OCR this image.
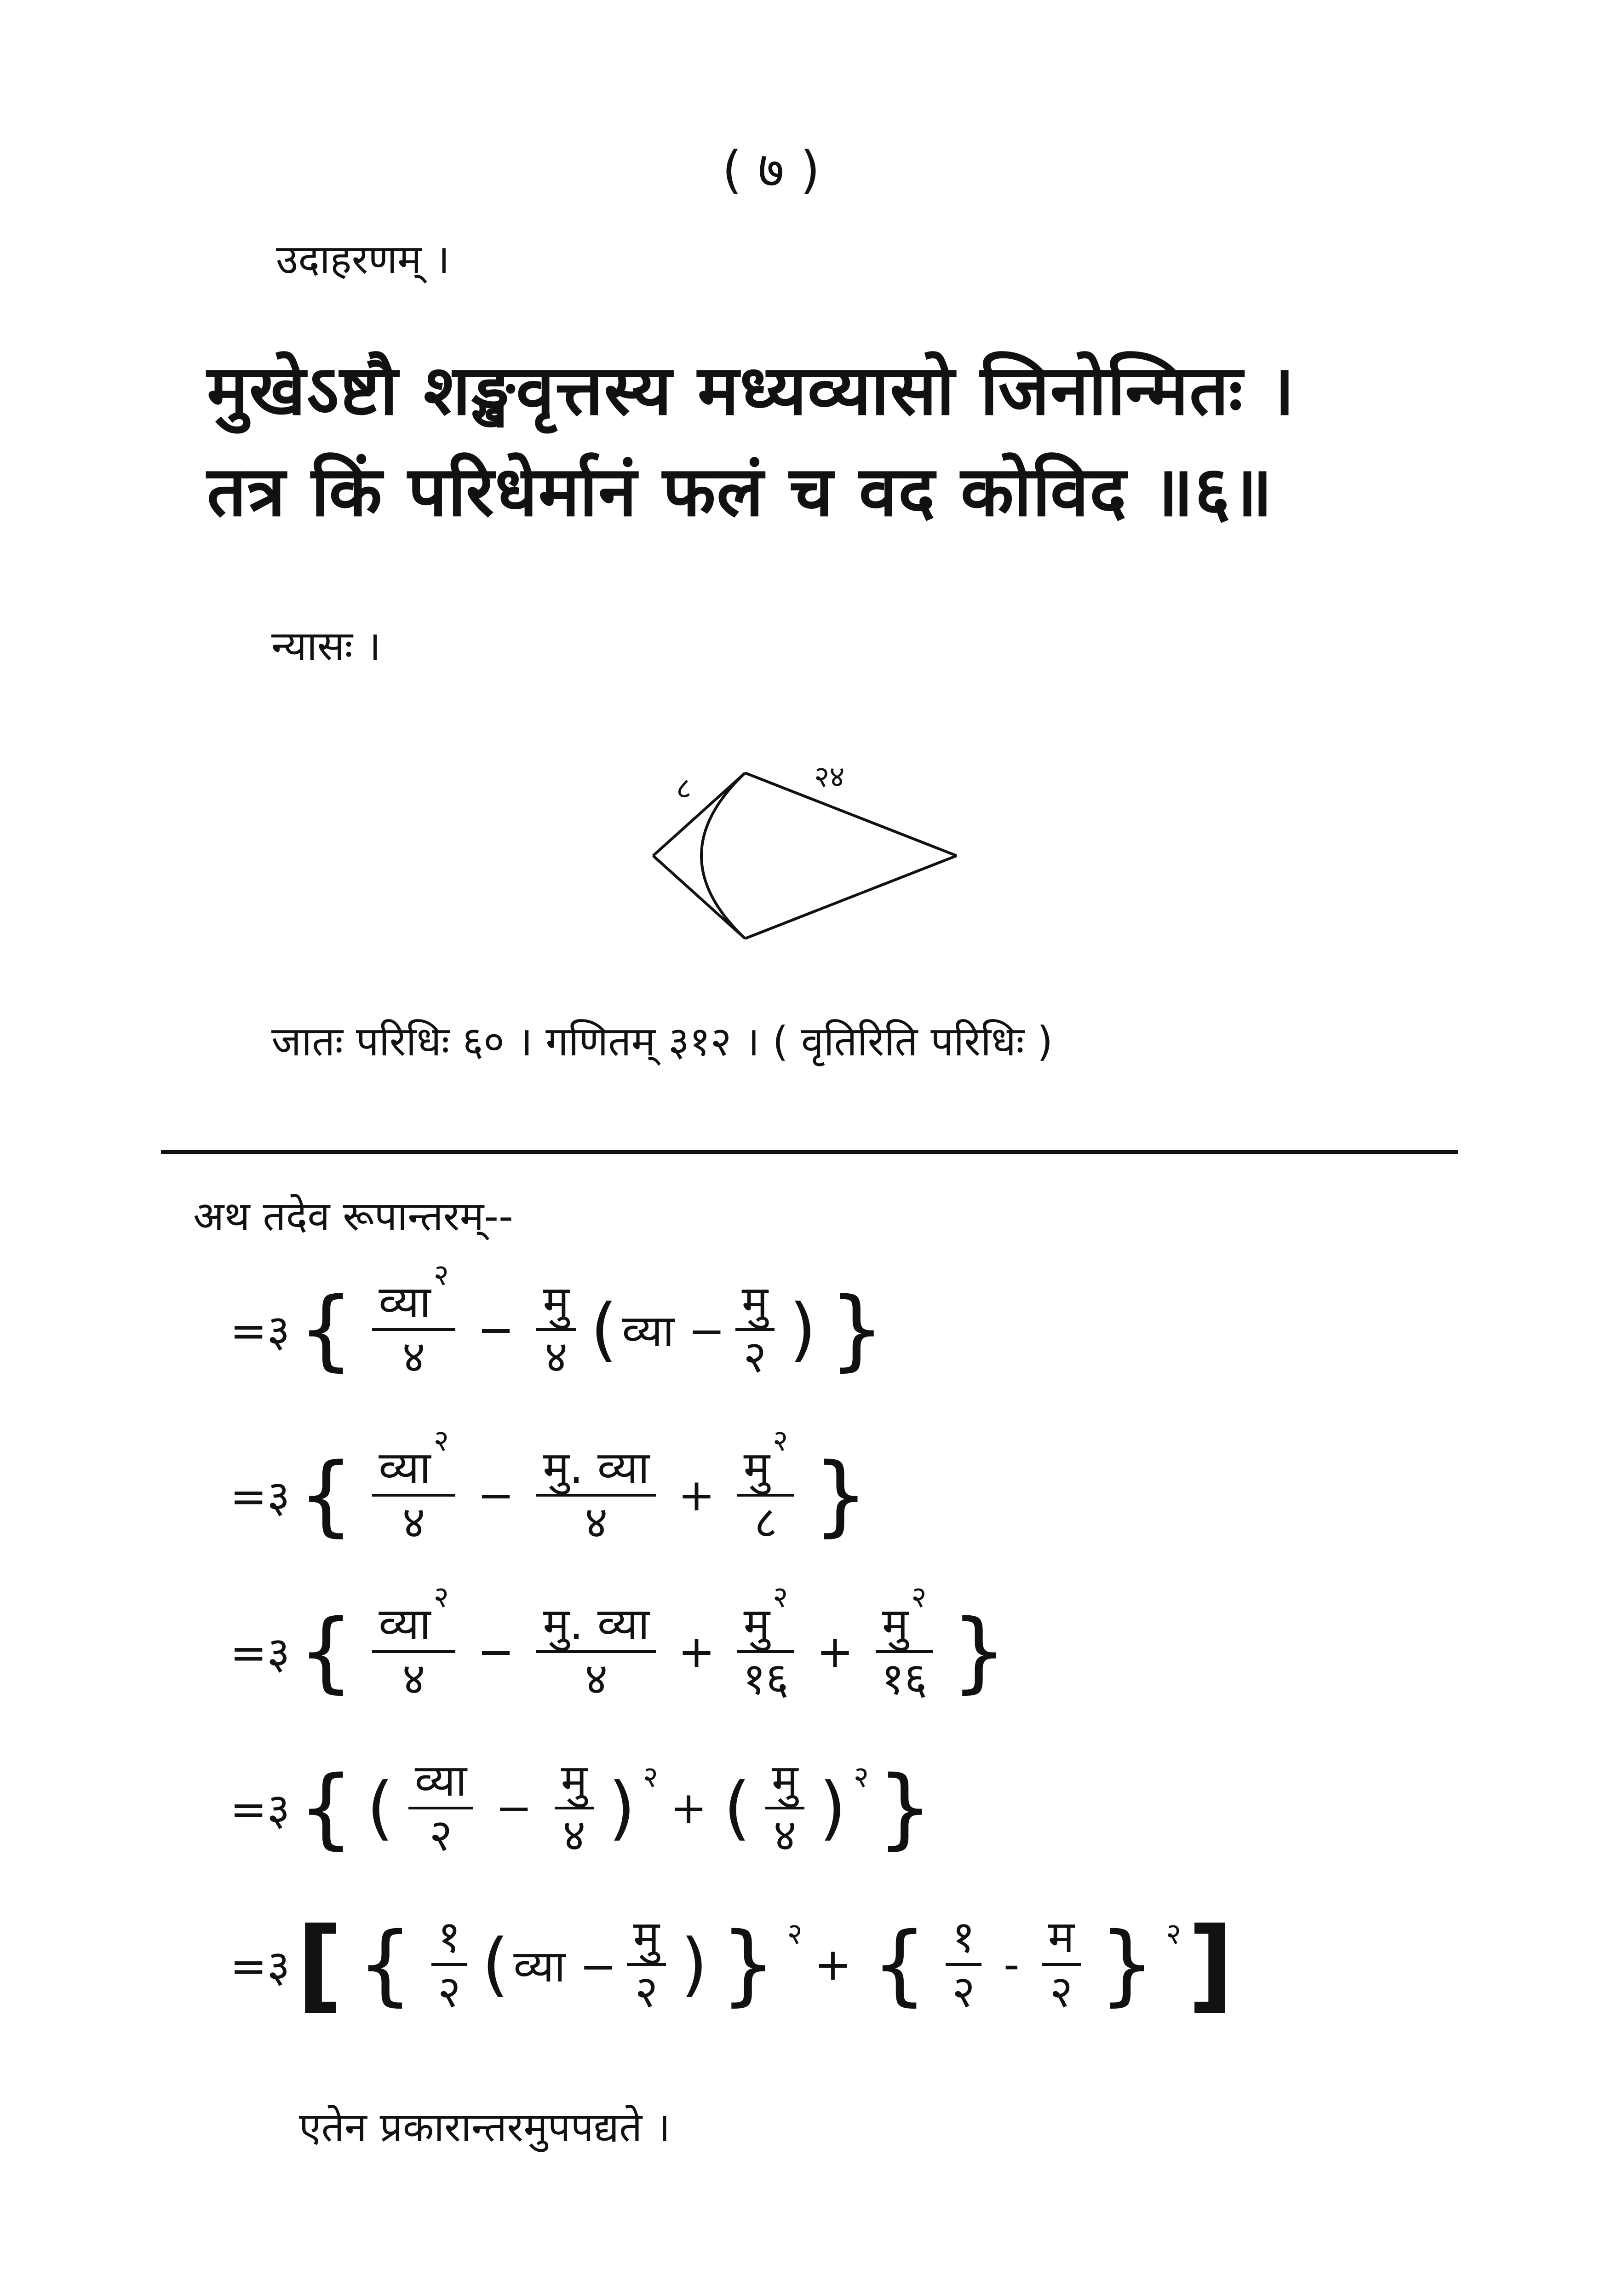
( ७ )
उदाहरणम् ।
मुखेऽष्टौ शङ्खवृत्तस्य मध्यव्यासो जिनोन्मितः ।
तत्र किं परिधेर्मानं फलं च वद कोविद ॥६॥
न्यासः ।
८	२४
जातः परिधिः ६० । गणितम् ३१२ । ( वृतिरिति परिधिः )
अथ तदेव रूपान्तरम्--
=३ { $\frac{व्या^२}{४} - \frac{\text{मु}}{४}$ ( व्या − $\frac{\text{मु}}{२}$ ) }
=३ { $\frac{व्या^२}{४} - \frac{\text{मु. व्या}}{४} + \frac{मु^२}{८}$ }
=३ { $\frac{व्या^२}{४} - \frac{\text{मु. व्या}}{४} + \frac{मु^२}{१६} + \frac{मु^२}{१६}$ }
=३ { ( $\frac{\text{व्या}}{२} - \frac{\text{मु}}{४}$ ) २
+ ( $\frac{\text{मु}}{४}$ ) २ }
=३ [ { $\frac{१}{२}$ ( व्या − $\frac{\text{मु}}{२}$ ) } २
+ { $\frac{१}{२} - \frac{\text{म}}{२}$ } २ ]
एतेन प्रकारान्तरमुपपद्यते ।
